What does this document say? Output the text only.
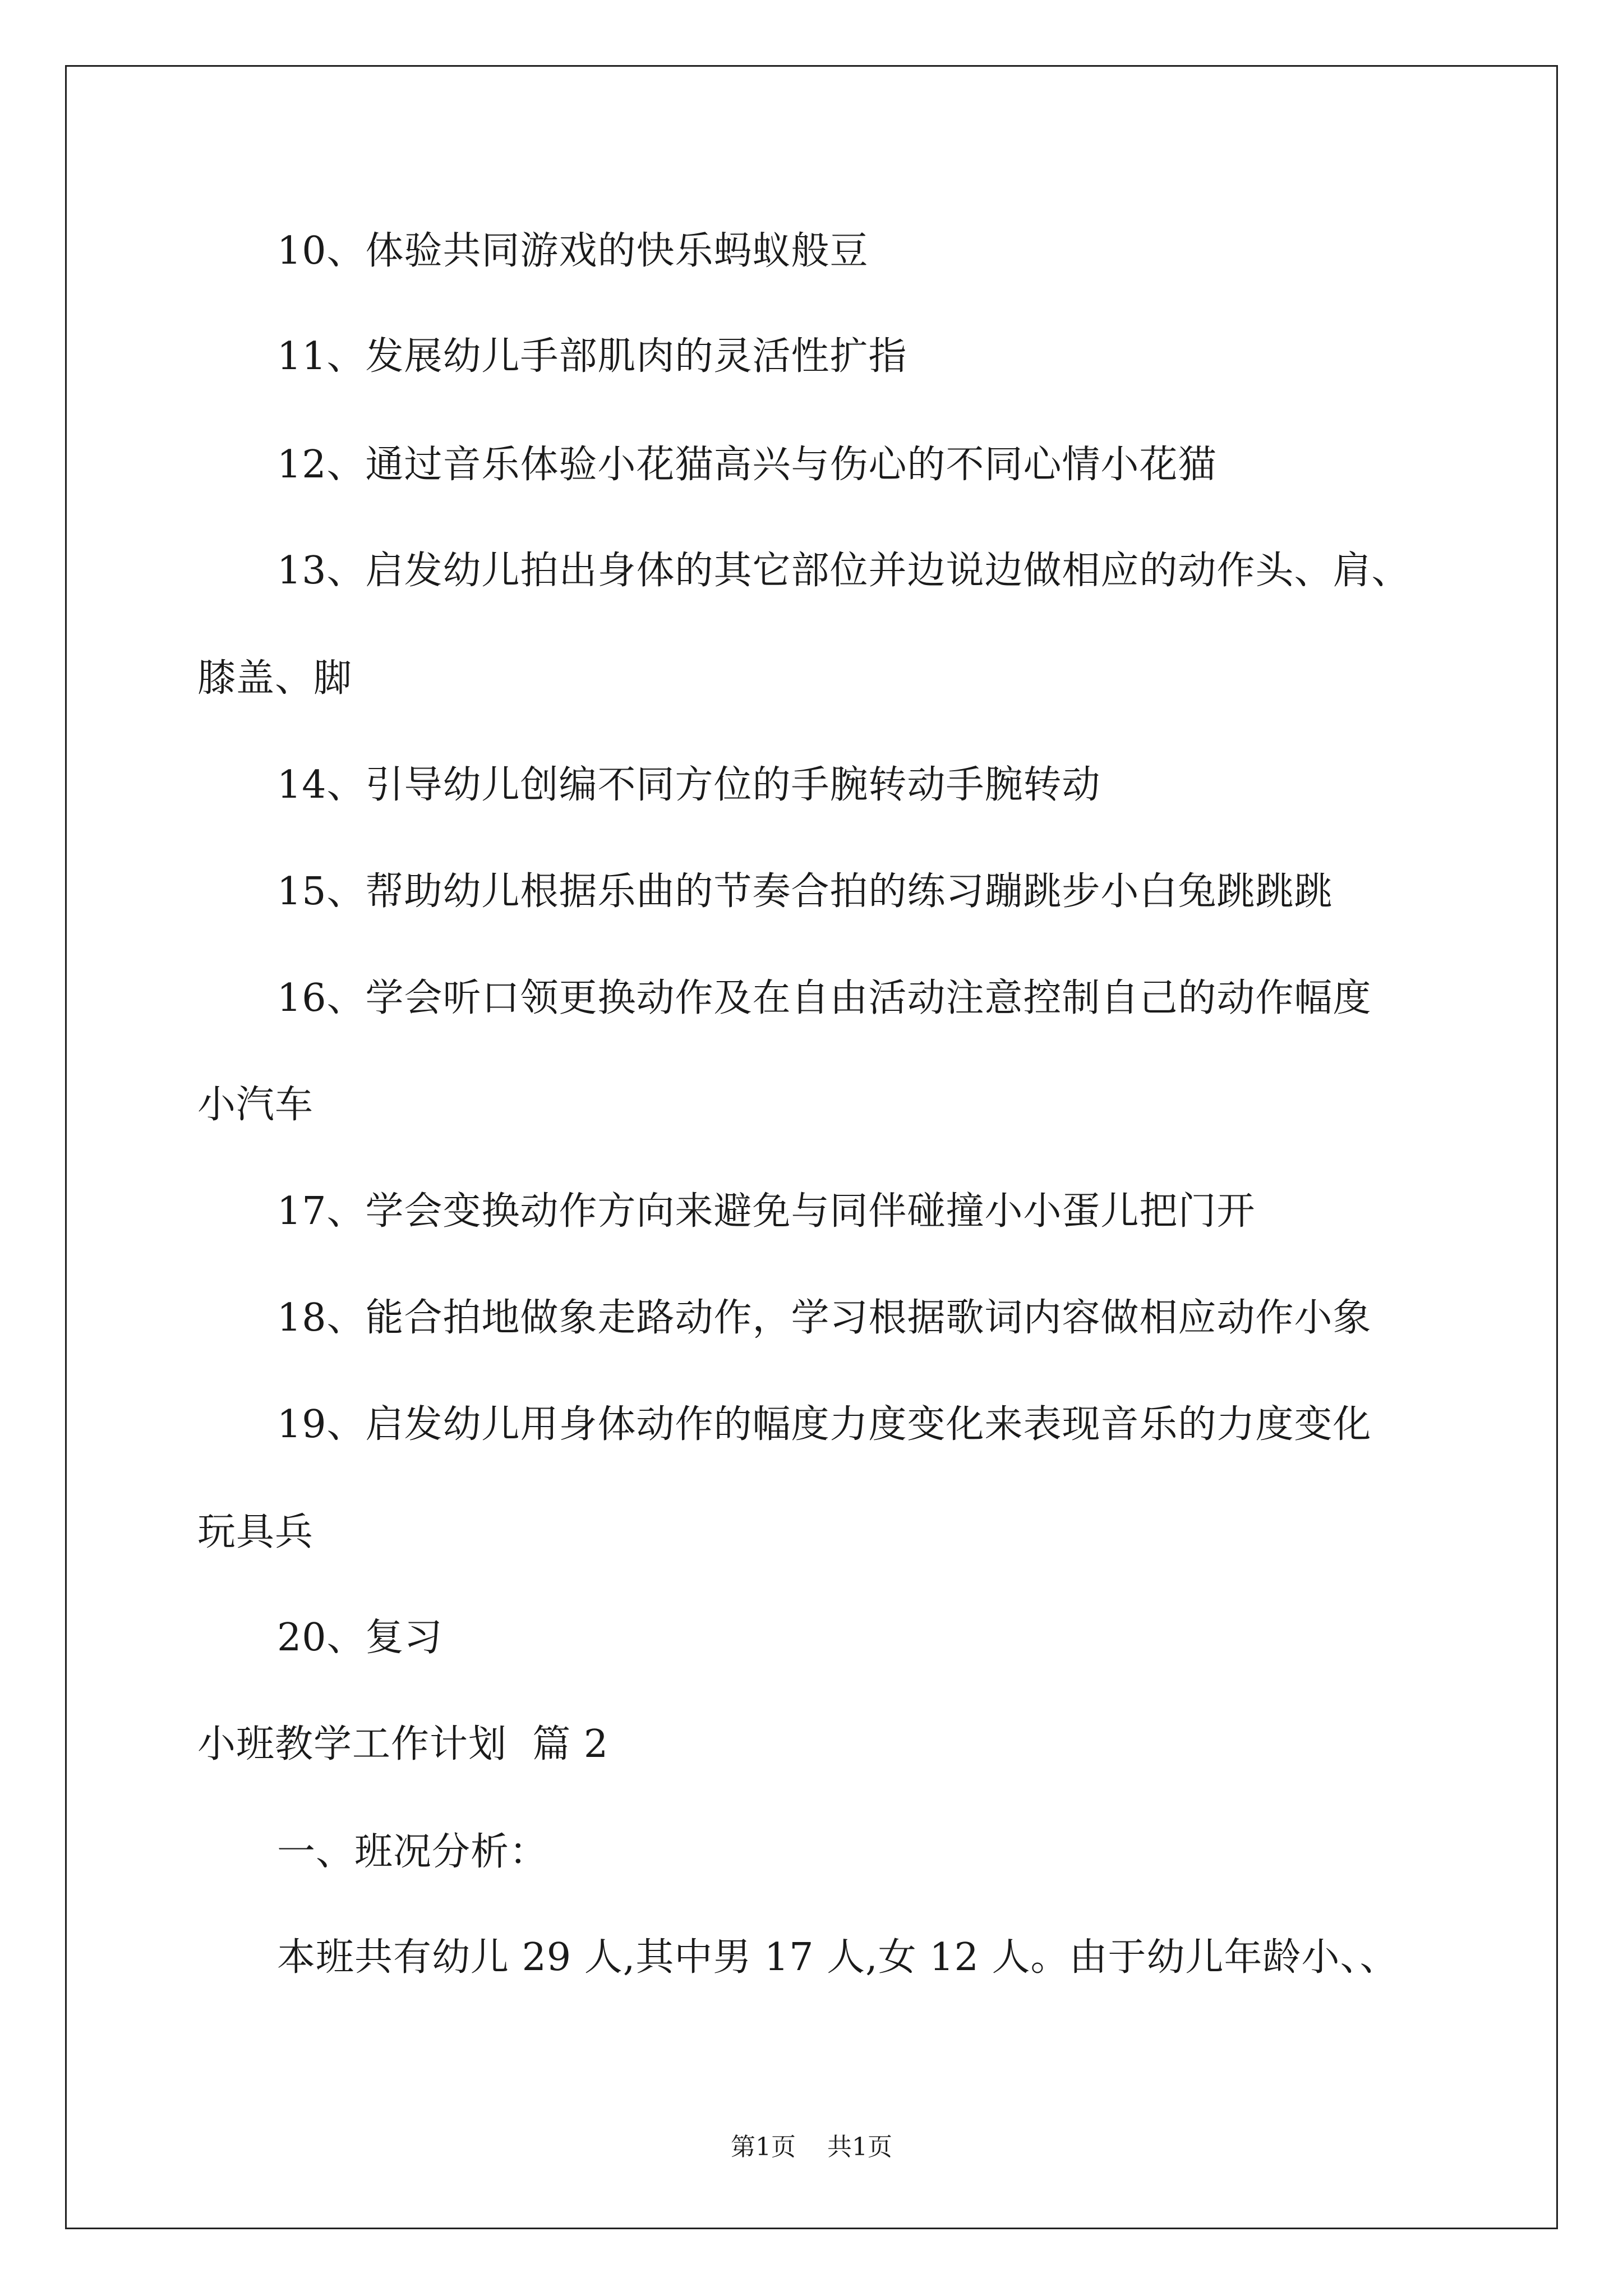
10、体验共同游戏的快乐蚂蚁般豆
11、发展幼儿手部肌肉的灵活性扩指
12、通过音乐体验小花猫高兴与伤心的不同心情小花猫
13、启发幼儿拍出身体的其它部位并边说边做相应的动作头、肩、
膝盖、脚
14、引导幼儿创编不同方位的手腕转动手腕转动
15、帮助幼儿根据乐曲的节奏合拍的练习蹦跳步小白兔跳跳跳
16、学会听口领更换动作及在自由活动注意控制自己的动作幅度
小汽车
17、学会变换动作方向来避免与同伴碰撞小小蛋儿把门开
18、能合拍地做象走路动作，学习根据歌词内容做相应动作小象
19、启发幼儿用身体动作的幅度力度变化来表现音乐的力度变化
玩具兵
20、复习
小班教学工作计划  篇 2
一、班况分析：
本班共有幼儿 29 人,其中男 17 人,女 12 人。由于幼儿年龄小、、
第1页    共1页
